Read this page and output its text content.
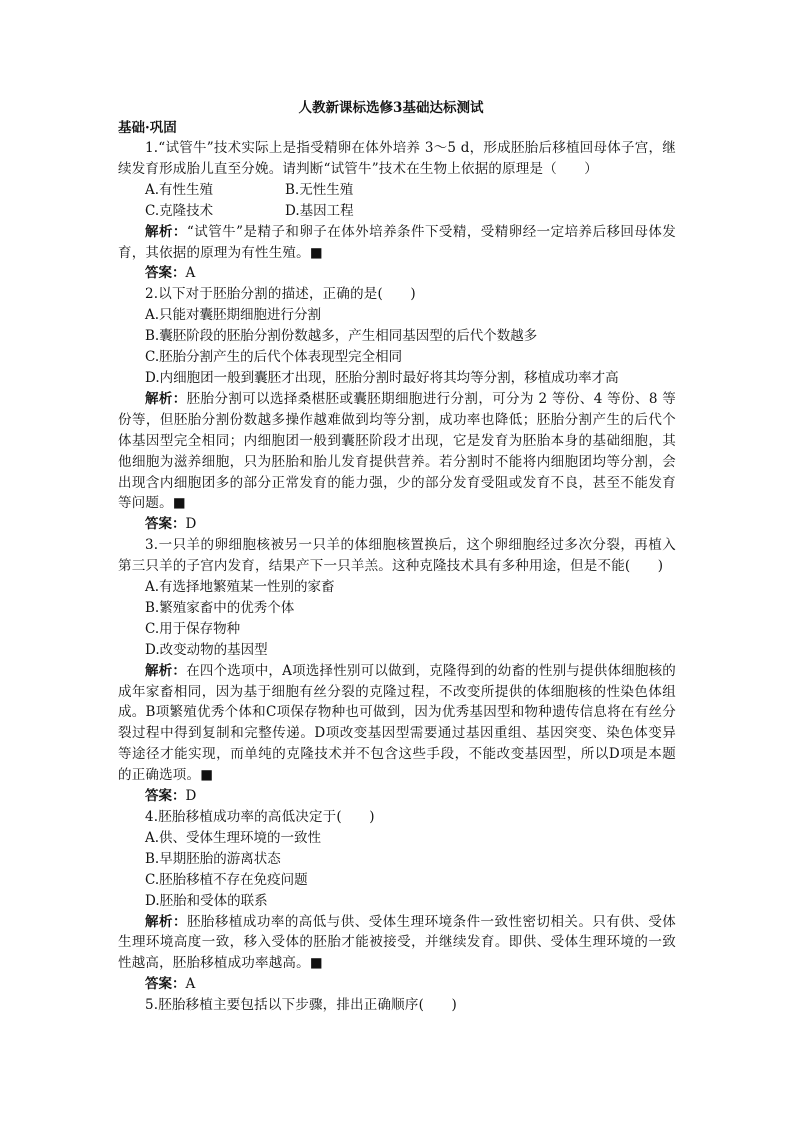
人教新课标选修3基础达标测试
基础·巩固

1.“试管牛”技术实际上是指受精卵在体外培养 3～5 d，形成胚胎后移植回母体子宫，继续发育形成胎儿直至分娩。请判断“试管牛”技术在生物上依据的原理是（　　）

A.有性生殖	B.无性生殖
C.克隆技术	D.基因工程

解析：“试管牛”是精子和卵子在体外培养条件下受精，受精卵经一定培养后移回母体发育，其依据的原理为有性生殖。■

答案：A

2.以下对于胚胎分割的描述，正确的是(　　)

A.只能对囊胚期细胞进行分割
B.囊胚阶段的胚胎分割份数越多，产生相同基因型的后代个数越多
C.胚胎分割产生的后代个体表现型完全相同
D.内细胞团一般到囊胚才出现，胚胎分割时最好将其均等分割，移植成功率才高

解析：胚胎分割可以选择桑椹胚或囊胚期细胞进行分割，可分为 2 等份、4 等份、8 等份等，但胚胎分割份数越多操作越难做到均等分割，成功率也降低；胚胎分割产生的后代个体基因型完全相同；内细胞团一般到囊胚阶段才出现，它是发育为胚胎本身的基础细胞，其他细胞为滋养细胞，只为胚胎和胎儿发育提供营养。若分割时不能将内细胞团均等分割，会出现含内细胞团多的部分正常发育的能力强，少的部分发育受阻或发育不良，甚至不能发育等问题。■

答案：D

3.一只羊的卵细胞核被另一只羊的体细胞核置换后，这个卵细胞经过多次分裂，再植入第三只羊的子宫内发育，结果产下一只羊羔。这种克隆技术具有多种用途，但是不能(　　)

A.有选择地繁殖某一性别的家畜
B.繁殖家畜中的优秀个体
C.用于保存物种
D.改变动物的基因型

解析：在四个选项中，A项选择性别可以做到，克隆得到的幼畜的性别与提供体细胞核的成年家畜相同，因为基于细胞有丝分裂的克隆过程，不改变所提供的体细胞核的性染色体组成。B项繁殖优秀个体和C项保存物种也可做到，因为优秀基因型和物种遗传信息将在有丝分裂过程中得到复制和完整传递。D项改变基因型需要通过基因重组、基因突变、染色体变异等途径才能实现，而单纯的克隆技术并不包含这些手段，不能改变基因型，所以D项是本题的正确选项。■

答案：D

4.胚胎移植成功率的高低决定于(　　)

A.供、受体生理环境的一致性
B.早期胚胎的游离状态
C.胚胎移植不存在免疫问题
D.胚胎和受体的联系

解析：胚胎移植成功率的高低与供、受体生理环境条件一致性密切相关。只有供、受体生理环境高度一致，移入受体的胚胎才能被接受，并继续发育。即供、受体生理环境的一致性越高，胚胎移植成功率越高。■

答案：A

5.胚胎移植主要包括以下步骤，排出正确顺序(　　)
